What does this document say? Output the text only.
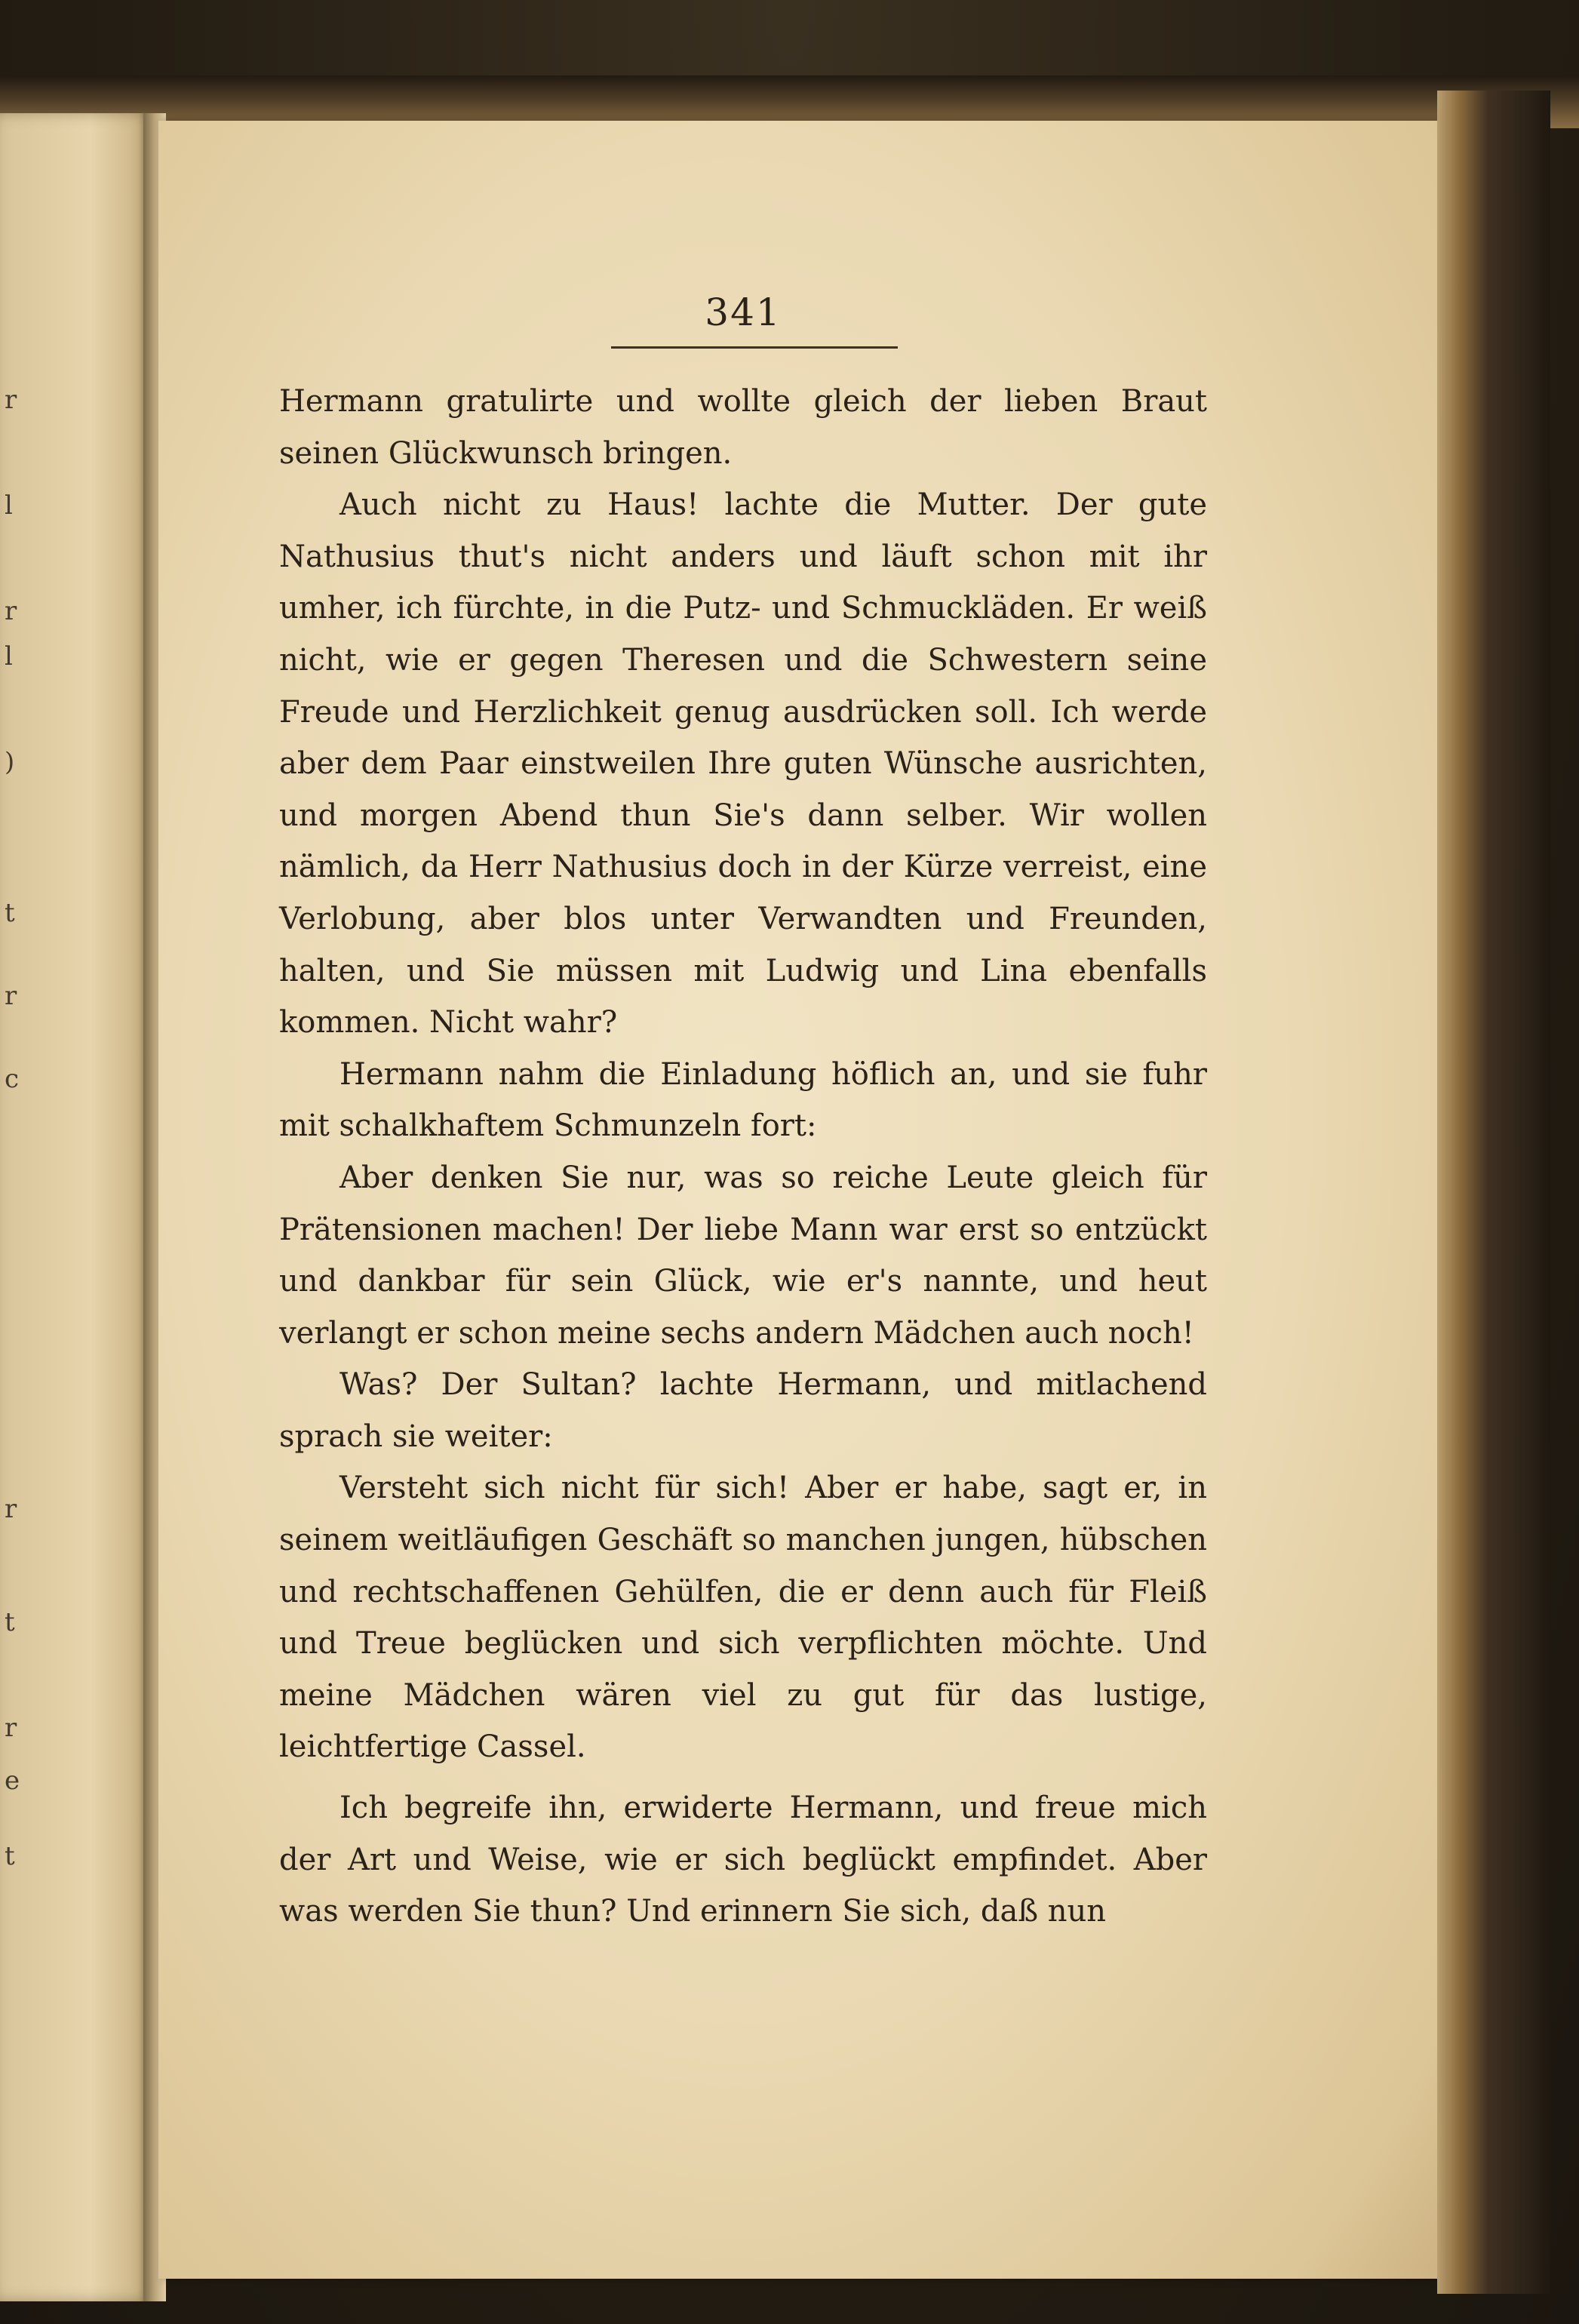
r
l
r
l
)
t
r
c
r
t
r
e
t
341

Hermann gratulirte und wollte gleich der lieben Braut seinen Glückwunsch bringen.

Auch nicht zu Haus! lachte die Mutter. Der gute Nathusius thut's nicht anders und läuft schon mit ihr umher, ich fürchte, in die Putz- und Schmuckläden. Er weiß nicht, wie er gegen Theresen und die Schwestern seine Freude und Herzlichkeit genug ausdrücken soll. Ich werde aber dem Paar einstweilen Ihre guten Wünsche ausrichten, und morgen Abend thun Sie's dann selber. Wir wollen nämlich, da Herr Nathusius doch in der Kürze verreist, eine Verlobung, aber blos unter Verwandten und Freunden, halten, und Sie müssen mit Ludwig und Lina ebenfalls kommen. Nicht wahr?

Hermann nahm die Einladung höflich an, und sie fuhr mit schalkhaftem Schmunzeln fort:

Aber denken Sie nur, was so reiche Leute gleich für Prätensionen machen! Der liebe Mann war erst so entzückt und dankbar für sein Glück, wie er's nannte, und heut verlangt er schon meine sechs andern Mädchen auch noch!

Was? Der Sultan? lachte Hermann, und mitlachend sprach sie weiter:

Versteht sich nicht für sich! Aber er habe, sagt er, in seinem weitläufigen Geschäft so manchen jungen, hübschen und rechtschaffenen Gehülfen, die er denn auch für Fleiß und Treue beglücken und sich verpflichten möchte. Und meine Mädchen wären viel zu gut für das lustige, leichtfertige Cassel.

Ich begreife ihn, erwiderte Hermann, und freue mich der Art und Weise, wie er sich beglückt empfindet. Aber was werden Sie thun? Und erinnern Sie sich, daß nun
